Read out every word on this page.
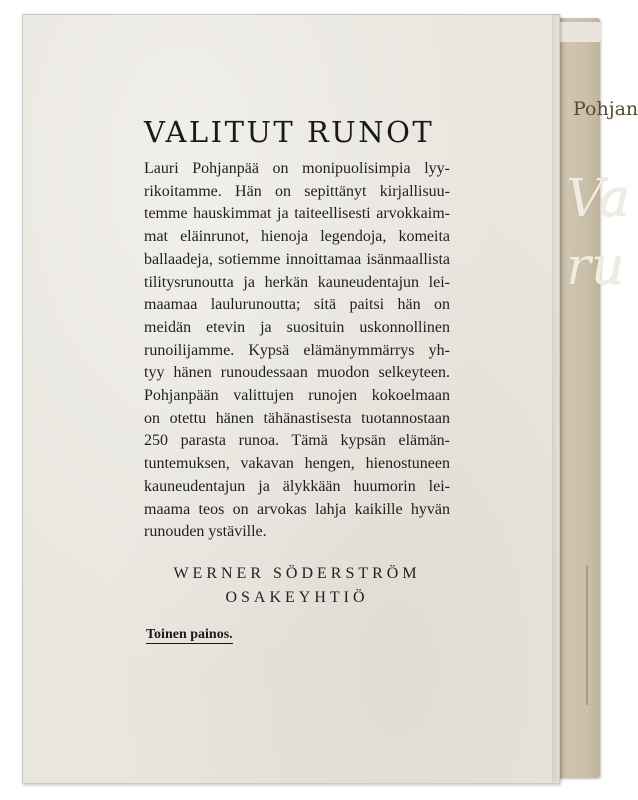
Pohjan
Va
ru
VALITUT RUNOT
Lauri Pohjanpää on monipuolisimpia lyy-
rikoitamme. Hän on sepittänyt kirjallisuu-
temme hauskimmat ja taiteellisesti arvokkaim-
mat eläinrunot, hienoja legendoja, komeita
ballaadeja, sotiemme innoittamaa isänmaallista
tilitysrunoutta ja herkän kauneudentajun lei-
maamaa laulurunoutta; sitä paitsi hän on
meidän etevin ja suosituin uskonnollinen
runoilijamme. Kypsä elämänymmärrys yh-
tyy hänen runoudessaan muodon selkeyteen.
Pohjanpään valittujen runojen kokoelmaan
on otettu hänen tähänastisesta tuotannostaan
250 parasta runoa. Tämä kypsän elämän-
tuntemuksen, vakavan hengen, hienostuneen
kauneudentajun ja älykkään huumorin lei-
maama teos on arvokas lahja kaikille hyvän
runouden ystäville.
WERNER SÖDERSTRÖM
OSAKEYHTIÖ
Toinen painos.
